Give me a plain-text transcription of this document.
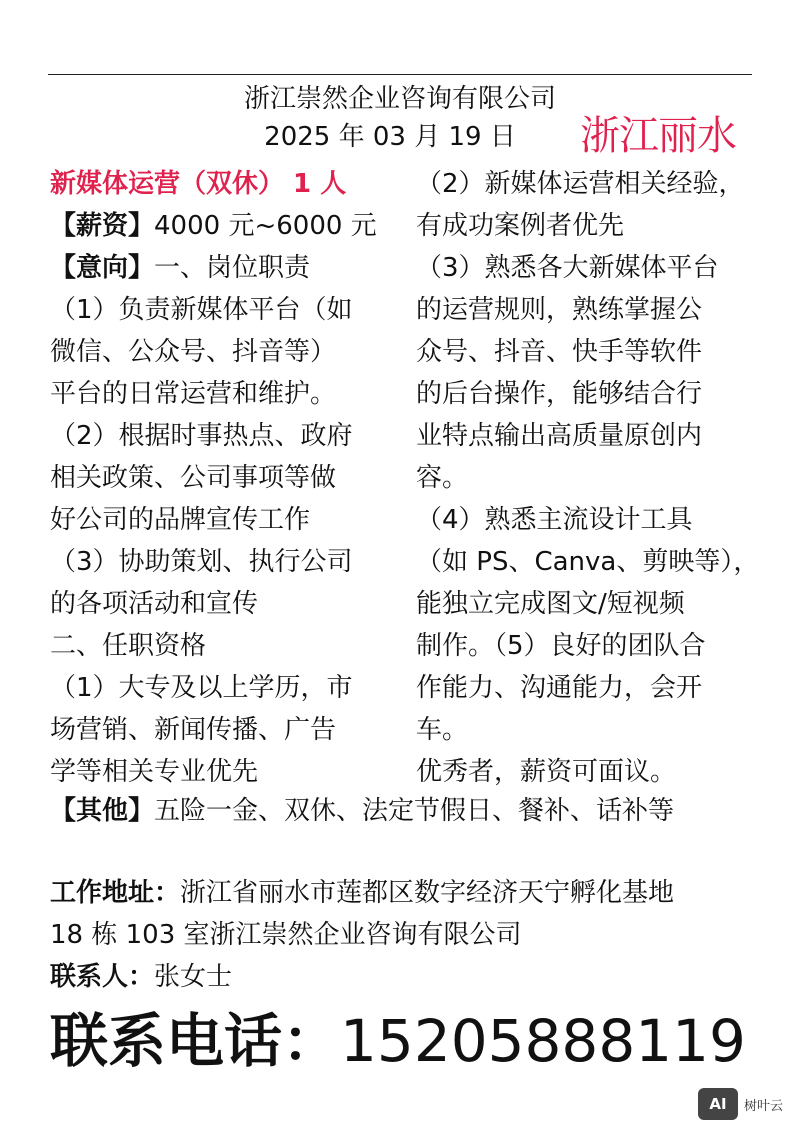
浙江崇然企业咨询有限公司
2025 年 03 月 19 日	浙江丽水
新媒体运营（双休） 1 人
【薪资】4000 元~6000 元
【意向】一、岗位职责
（1）负责新媒体平台（如
微信、公众号、抖音等）
平台的日常运营和维护。
（2）根据时事热点、政府
相关政策、公司事项等做
好公司的品牌宣传工作
（3）协助策划、执行公司
的各项活动和宣传
二、任职资格
（1）大专及以上学历，市
场营销、新闻传播、广告
学等相关专业优先
（2）新媒体运营相关经验，
有成功案例者优先
（3）熟悉各大新媒体平台
的运营规则，熟练掌握公
众号、抖音、快手等软件
的后台操作，能够结合行
业特点输出高质量原创内
容。
（4）熟悉主流设计工具
（如 PS、Canva、剪映等），
能独立完成图文/短视频
制作。（5）良好的团队合
作能力、沟通能力，会开
车。
优秀者，薪资可面议。
【其他】五险一金、双休、法定节假日、餐补、话补等
工作地址：浙江省丽水市莲都区数字经济天宁孵化基地
18 栋 103 室浙江崇然企业咨询有限公司
联系人：张女士
联系电话：15205888119
AI	树叶云
